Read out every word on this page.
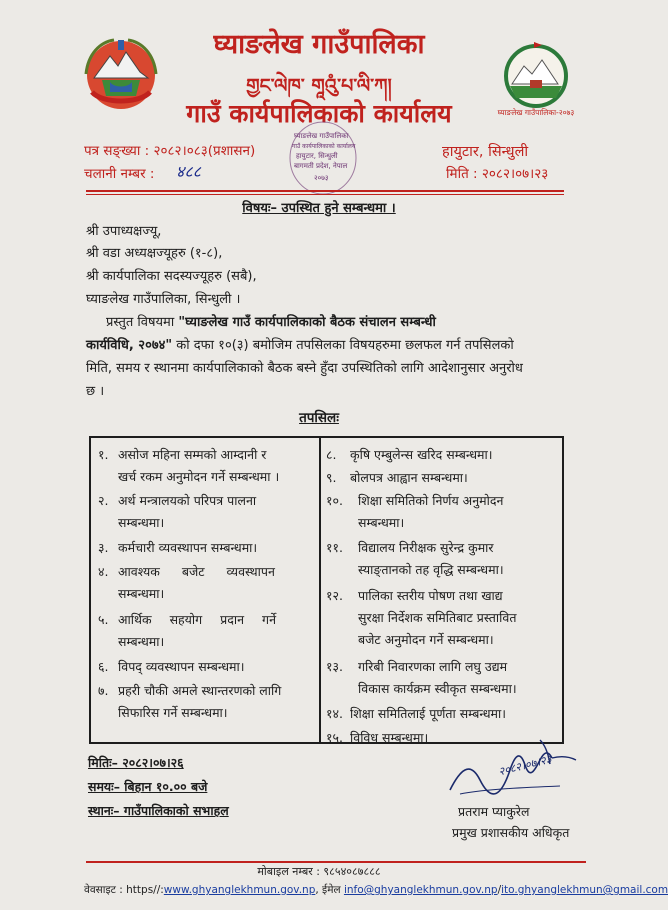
घ्याङलेख गाउँपालिका-२०७३
घ्याङलेख गाउँपालिका
གྱང་ལེཁ་ གཱའུཾ་པ་ལི་ཀ།
गाउँ कार्यपालिकाको कार्यालय
घ्याङलेख गाउँपालिका
गाउँ कार्यपालिकाको कार्यालय
हायुटार, सिन्धुली
बागमती प्रदेश, नेपाल
२०७३
पत्र सङ्ख्या : २०८२।०८३(प्रशासन)
चलानी नम्बर : ४८८
हायुटार, सिन्धुली
मिति : २०८२।०७।२३
विषयः– उपस्थित हुने सम्बन्धमा ।
श्री उपाध्यक्षज्यू,
श्री वडा अध्यक्षज्यूहरु (१-८),
श्री कार्यपालिका सदस्यज्यूहरु (सबै),
घ्याङलेख गाउँपालिका, सिन्धुली ।
प्रस्तुत विषयमा "घ्याङलेख गाउँ कार्यपालिकाको बैठक संचालन सम्बन्धी
कार्यविधि, २०७४" को दफा १०(३) बमोजिम तपसिलका विषयहरुमा छलफल गर्न तपसिलको
मिति, समय र स्थानमा कार्यपालिकाको बैठक बस्ने हुँदा उपस्थितिको लागि आदेशानुसार अनुरोध
छ ।
तपसिलः
१. असोज महिना सम्मको आम्दानी र
खर्च रकम अनुमोदन गर्ने सम्बन्धमा ।
२. अर्थ मन्त्रालयको परिपत्र पालना
सम्बन्धमा।
३. कर्मचारी व्यवस्थापन सम्बन्धमा।
४. आवश्यक बजेट व्यवस्थापन
सम्बन्धमा।
५. आर्थिक सहयोग प्रदान गर्ने
सम्बन्धमा।
६. विपद् व्यवस्थापन सम्बन्धमा।
७. प्रहरी चौकी अमले स्थान्तरणको लागि
सिफारिस गर्ने सम्बन्धमा।
८. कृषि एम्बुलेन्स खरिद सम्बन्धमा।
९. बोलपत्र आह्वान सम्बन्धमा।
१०. शिक्षा समितिको निर्णय अनुमोदन
सम्बन्धमा।
११. विद्यालय निरीक्षक सुरेन्द्र कुमार
स्याङ्तानको तह वृद्धि सम्बन्धमा।
१२. पालिका स्तरीय पोषण तथा खाद्य
सुरक्षा निर्देशक समितिबाट प्रस्तावित
बजेट अनुमोदन गर्ने सम्बन्धमा।
१३. गरिबी निवारणका लागि लघु उद्यम
विकास कार्यक्रम स्वीकृत सम्बन्धमा।
१४. शिक्षा समितिलाई पूर्णता सम्बन्धमा।
१५. विविध सम्बन्धमा।
मितिः– २०८२।०७।२६
समयः– बिहान १०.०० बजे
स्थानः– गाउँपालिकाको सभाहल
२०८२।०७।२३
प्रतराम प्याकुरेल
प्रमुख प्रशासकीय अधिकृत
मोबाइल नम्बर : ९८५४०८७८८८
वेवसाइट : https//:www.ghyanglekhmun.gov.np, ईमेल info@ghyanglekhmun.gov.np/ito.ghyanglekhmun@gmail.com
